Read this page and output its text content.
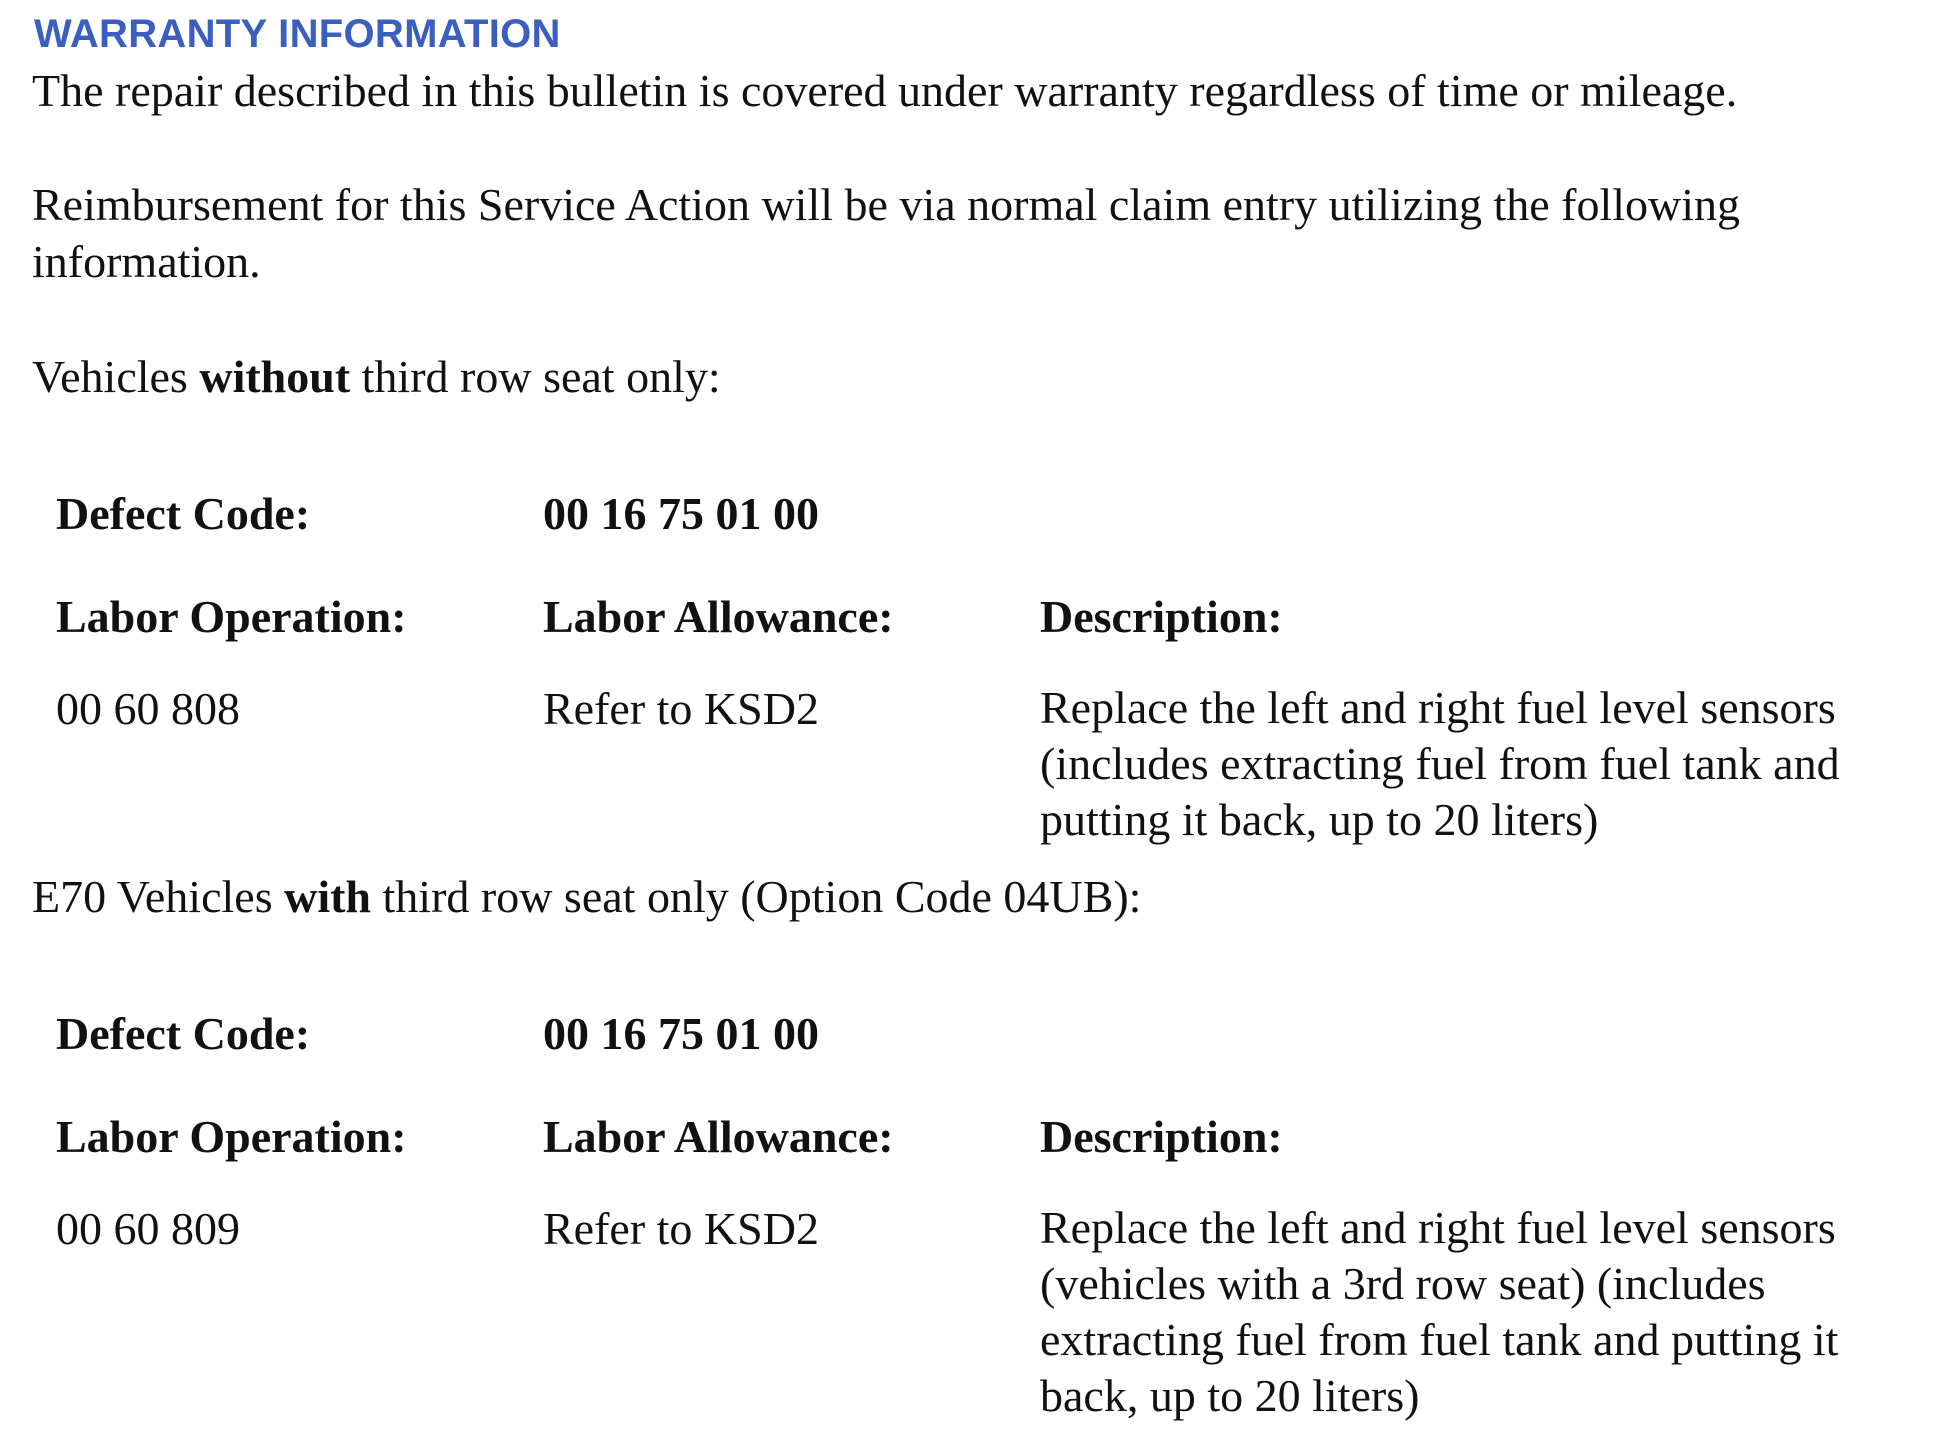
WARRANTY INFORMATION
The repair described in this bulletin is covered under warranty regardless of time or mileage.
Reimbursement for this Service Action will be via normal claim entry utilizing the following
information.
Vehicles without third row seat only:
Defect Code:	00 16 75 01 00
Labor Operation:	Labor Allowance:	Description:
00 60 808	Refer to KSD2	Replace the left and right fuel level sensors
(includes extracting fuel from fuel tank and
putting it back, up to 20 liters)
E70 Vehicles with third row seat only (Option Code 04UB):
Defect Code:	00 16 75 01 00
Labor Operation:	Labor Allowance:	Description:
00 60 809	Refer to KSD2	Replace the left and right fuel level sensors
(vehicles with a 3rd row seat) (includes
extracting fuel from fuel tank and putting it
back, up to 20 liters)
